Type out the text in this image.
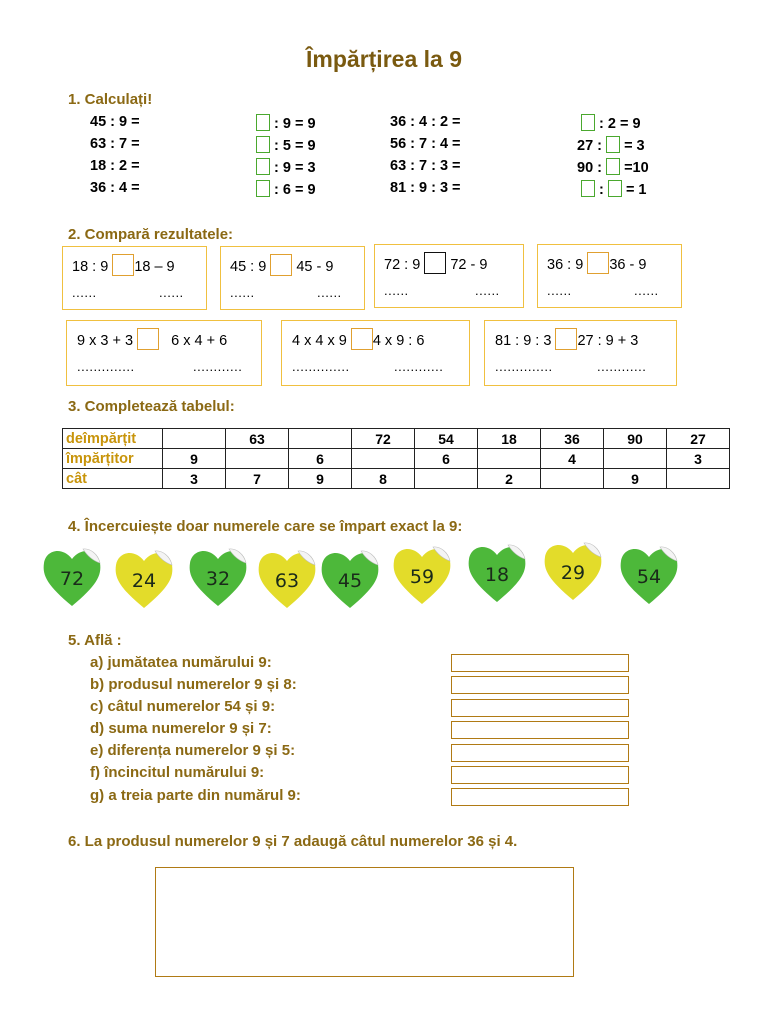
Împărțirea la 9
1. Calculați!
45 : 9 =
63 : 7 =
18 : 2 =
36 : 4 =
: 9 = 9
: 5 = 9
: 9 = 3
: 6 = 9
36 : 4 : 2 =
56 : 7 : 4 =
63 : 7 : 3 =
81 : 9 : 3 =
: 2 = 9
27 : = 3
90 : =10
: = 1
2. Compară rezultatele:
18 : 9 18 – 9
......	......
45 : 9 45 - 9
......	......
72 : 9 72 - 9
......	......
36 : 9 36 - 9
......	......
9 x 3 + 3	6 x 4 + 6
..............	............
4 x 4 x 9 4 x 9 : 6
..............	............
81 : 9 : 3 27 : 9 + 3
..............	............
3. Completează tabelul:
deîmpărțit		63		72	54	18	36	90	27
împărțitor	9		6		6		4		3
cât	3	7	9	8		2		9	
4. Încercuiește doar numerele care se împart exact la 9:
72	24	32	63	45	59	18	29	54
5. Află :
a) jumătatea numărului 9:
b) produsul numerelor 9 și 8:
c) câtul numerelor 54 și 9:
d) suma numerelor 9 și 7:
e) diferența numerelor 9 și 5:
f) încincitul numărului 9:
g) a treia parte din numărul 9:
6. La produsul numerelor 9 și 7 adaugă câtul numerelor 36 și 4.
